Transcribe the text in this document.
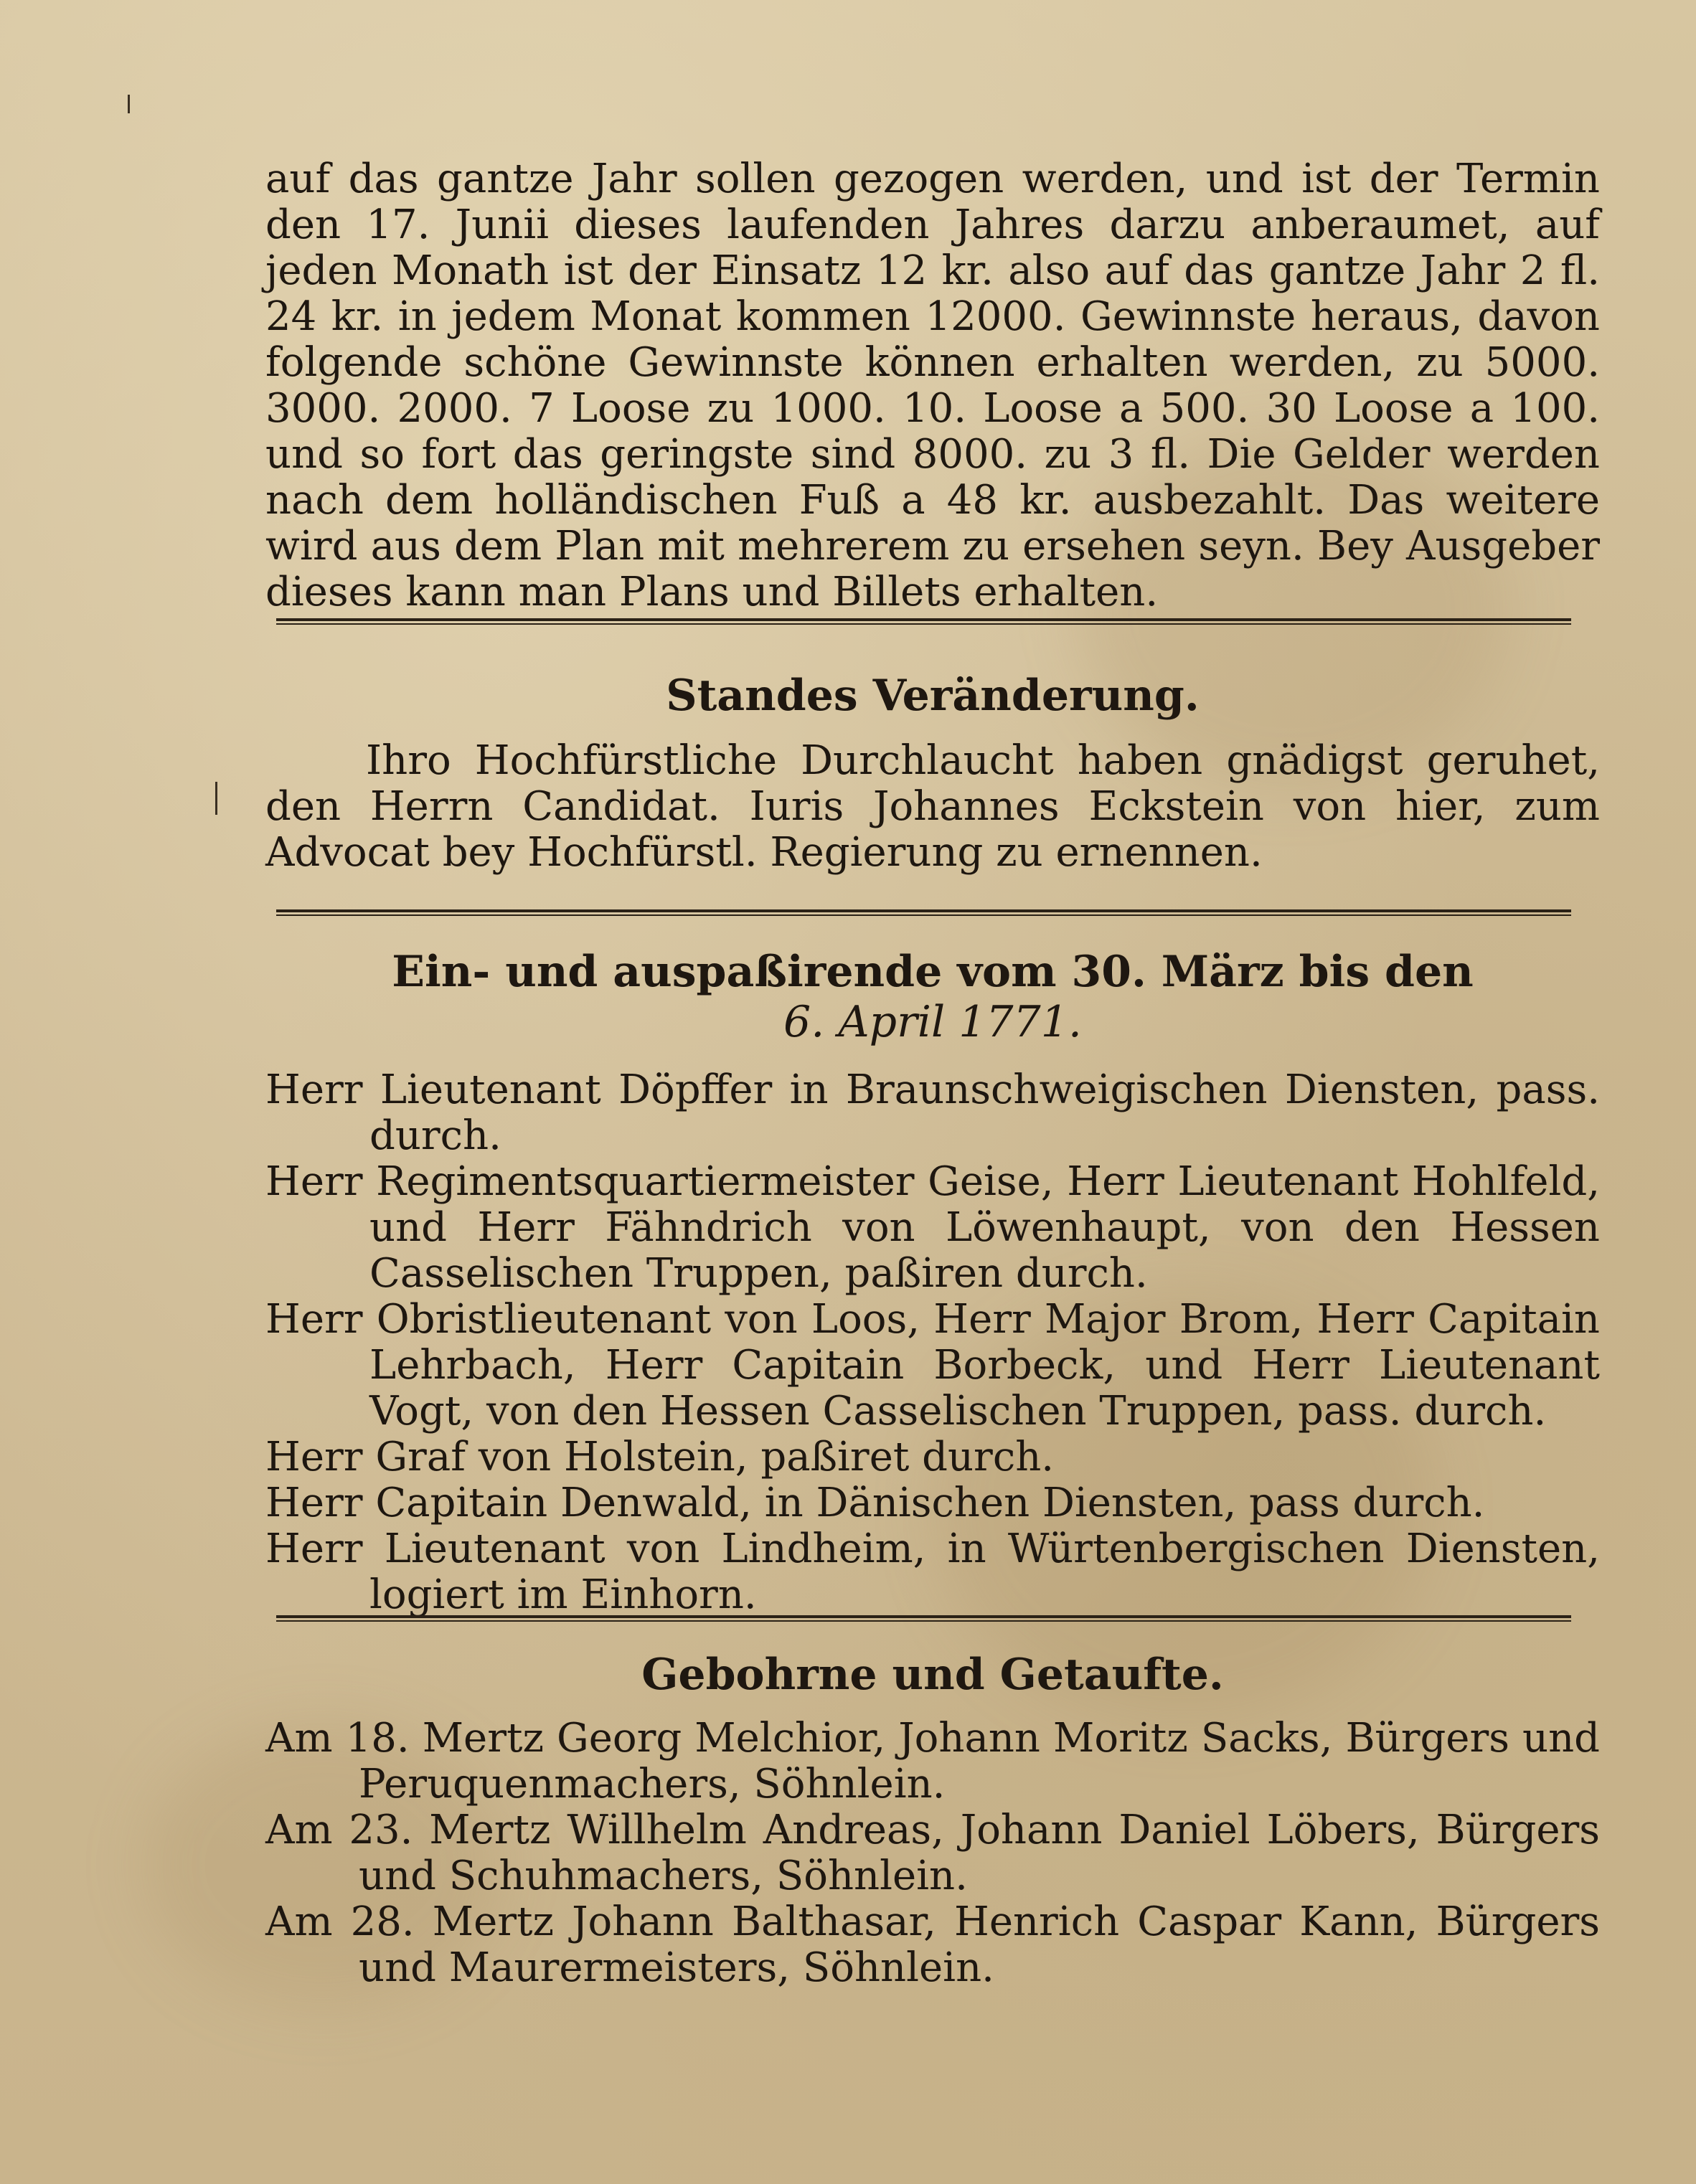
auf das gantze Jahr sollen gezogen werden, und ist der Termin den 17. Junii dieses laufenden Jahres darzu anberaumet, auf jeden Monath ist der Einsatz 12 kr. also auf das gantze Jahr 2 fl. 24 kr. in jedem Monat kommen 12000. Gewinnste heraus, davon folgende schöne Gewinnste können erhalten werden, zu 5000. 3000. 2000. 7 Loose zu 1000. 10. Loose a 500. 30 Loose a 100. und so fort das geringste sind 8000. zu 3 fl. Die Gelder werden nach dem holländischen Fuß a 48 kr. ausbezahlt. Das weitere wird aus dem Plan mit mehrerem zu ersehen seyn. Bey Ausgeber dieses kann man Plans und Billets erhalten.

Standes Veränderung.

Ihro Hochfürstliche Durchlaucht haben gnädigst geruhet, den Herrn Candidat. Iuris Johannes Eckstein von hier, zum Advocat bey Hochfürstl. Regierung zu ernennen.

Ein- und auspaßirende vom 30. März bis den

6. April 1771.

Herr Lieutenant Döpffer in Braunschweigischen Diensten, pass. durch.

Herr Regimentsquartiermeister Geise, Herr Lieutenant Hohlfeld, und Herr Fähndrich von Löwenhaupt, von den Hessen Casselischen Truppen, paßiren durch.

Herr Obristlieutenant von Loos, Herr Major Brom, Herr Capitain Lehrbach, Herr Capitain Borbeck, und Herr Lieutenant Vogt, von den Hessen Casselischen Truppen, pass. durch.

Herr Graf von Holstein, paßiret durch.

Herr Capitain Denwald, in Dänischen Diensten, pass durch.

Herr Lieutenant von Lindheim, in Würtenbergischen Diensten, logiert im Einhorn.

Gebohrne und Getaufte.

Am 18. Mertz Georg Melchior, Johann Moritz Sacks, Bürgers und Peruquenmachers, Söhnlein.

Am 23. Mertz Willhelm Andreas, Johann Daniel Löbers, Bürgers und Schuhmachers, Söhnlein.

Am 28. Mertz Johann Balthasar, Henrich Caspar Kann, Bürgers und Maurermeisters, Söhnlein.
